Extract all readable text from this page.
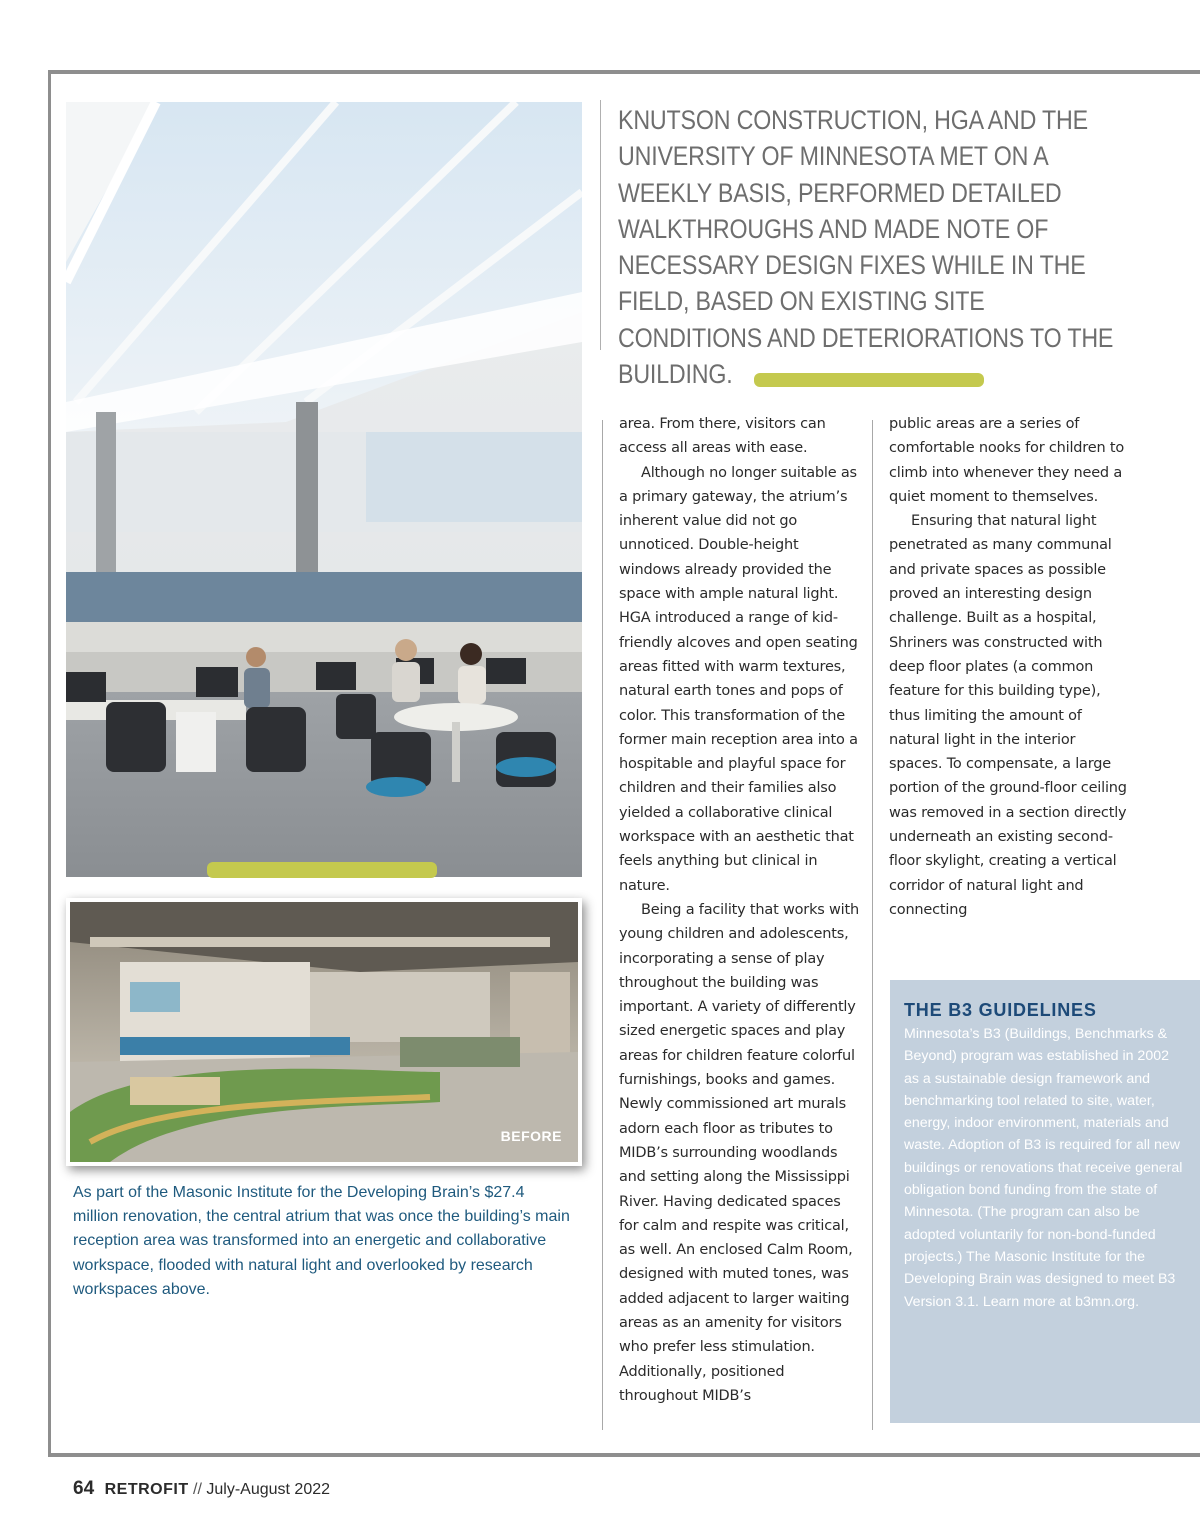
BEFORE

As part of the Masonic Institute for the Developing Brain’s $27.4 million renovation, the central atrium that was once the building’s main reception area was transformed into an energetic and collaborative workspace, flooded with natural light and overlooked by research workspaces above.

KNUTSON CONSTRUCTION, HGA AND THE UNIVERSITY OF MINNESOTA MET ON A WEEKLY BASIS, PERFORMED DETAILED WALKTHROUGHS AND MADE NOTE OF NECESSARY DESIGN FIXES WHILE IN THE FIELD, BASED ON EXISTING SITE CONDITIONS AND DETERIORATIONS TO THE BUILDING.

area. From there, visitors can access all areas with ease.

Although no longer suitable as a primary gateway, the atrium’s inherent value did not go unnoticed. Double-height windows already provided the space with ample natural light. HGA introduced a range of kid-friendly alcoves and open seating areas fitted with warm textures, natural earth tones and pops of color. This transformation of the former main reception area into a hospitable and playful space for children and their families also yielded a collaborative clinical workspace with an aesthetic that feels anything but clinical in nature.

Being a facility that works with young children and adolescents, incorporating a sense of play throughout the building was important. A variety of differently sized energetic spaces and play areas for children feature colorful furnishings, books and games. Newly commissioned art murals adorn each floor as tributes to MIDB’s surrounding woodlands and setting along the Mississippi River. Having dedicated spaces for calm and respite was critical, as well. An enclosed Calm Room, designed with muted tones, was added adjacent to larger waiting areas as an amenity for visitors who prefer less stimulation. Additionally, positioned throughout MIDB’s

public areas are a series of comfortable nooks for children to climb into whenever they need a quiet moment to themselves.

Ensuring that natural light penetrated as many communal and private spaces as possible proved an interesting design challenge. Built as a hospital, Shriners was constructed with deep floor plates (a common feature for this building type), thus limiting the amount of natural light in the interior spaces. To compensate, a large portion of the ground-floor ceiling was removed in a section directly underneath an existing second-floor skylight, creating a vertical corridor of natural light and connecting

THE B3 GUIDELINES
Minnesota’s B3 (Buildings, Benchmarks & Beyond) program was established in 2002 as a sustainable design framework and benchmarking tool related to site, water, energy, indoor environment, materials and waste. Adoption of B3 is required for all new buildings or renovations that receive general obligation bond funding from the state of Minnesota. (The program can also be adopted voluntarily for non-bond-funded projects.) The Masonic Institute for the Developing Brain was designed to meet B3 Version 3.1. Learn more at b3mn.org.
64 RETROFIT // July-August 2022
